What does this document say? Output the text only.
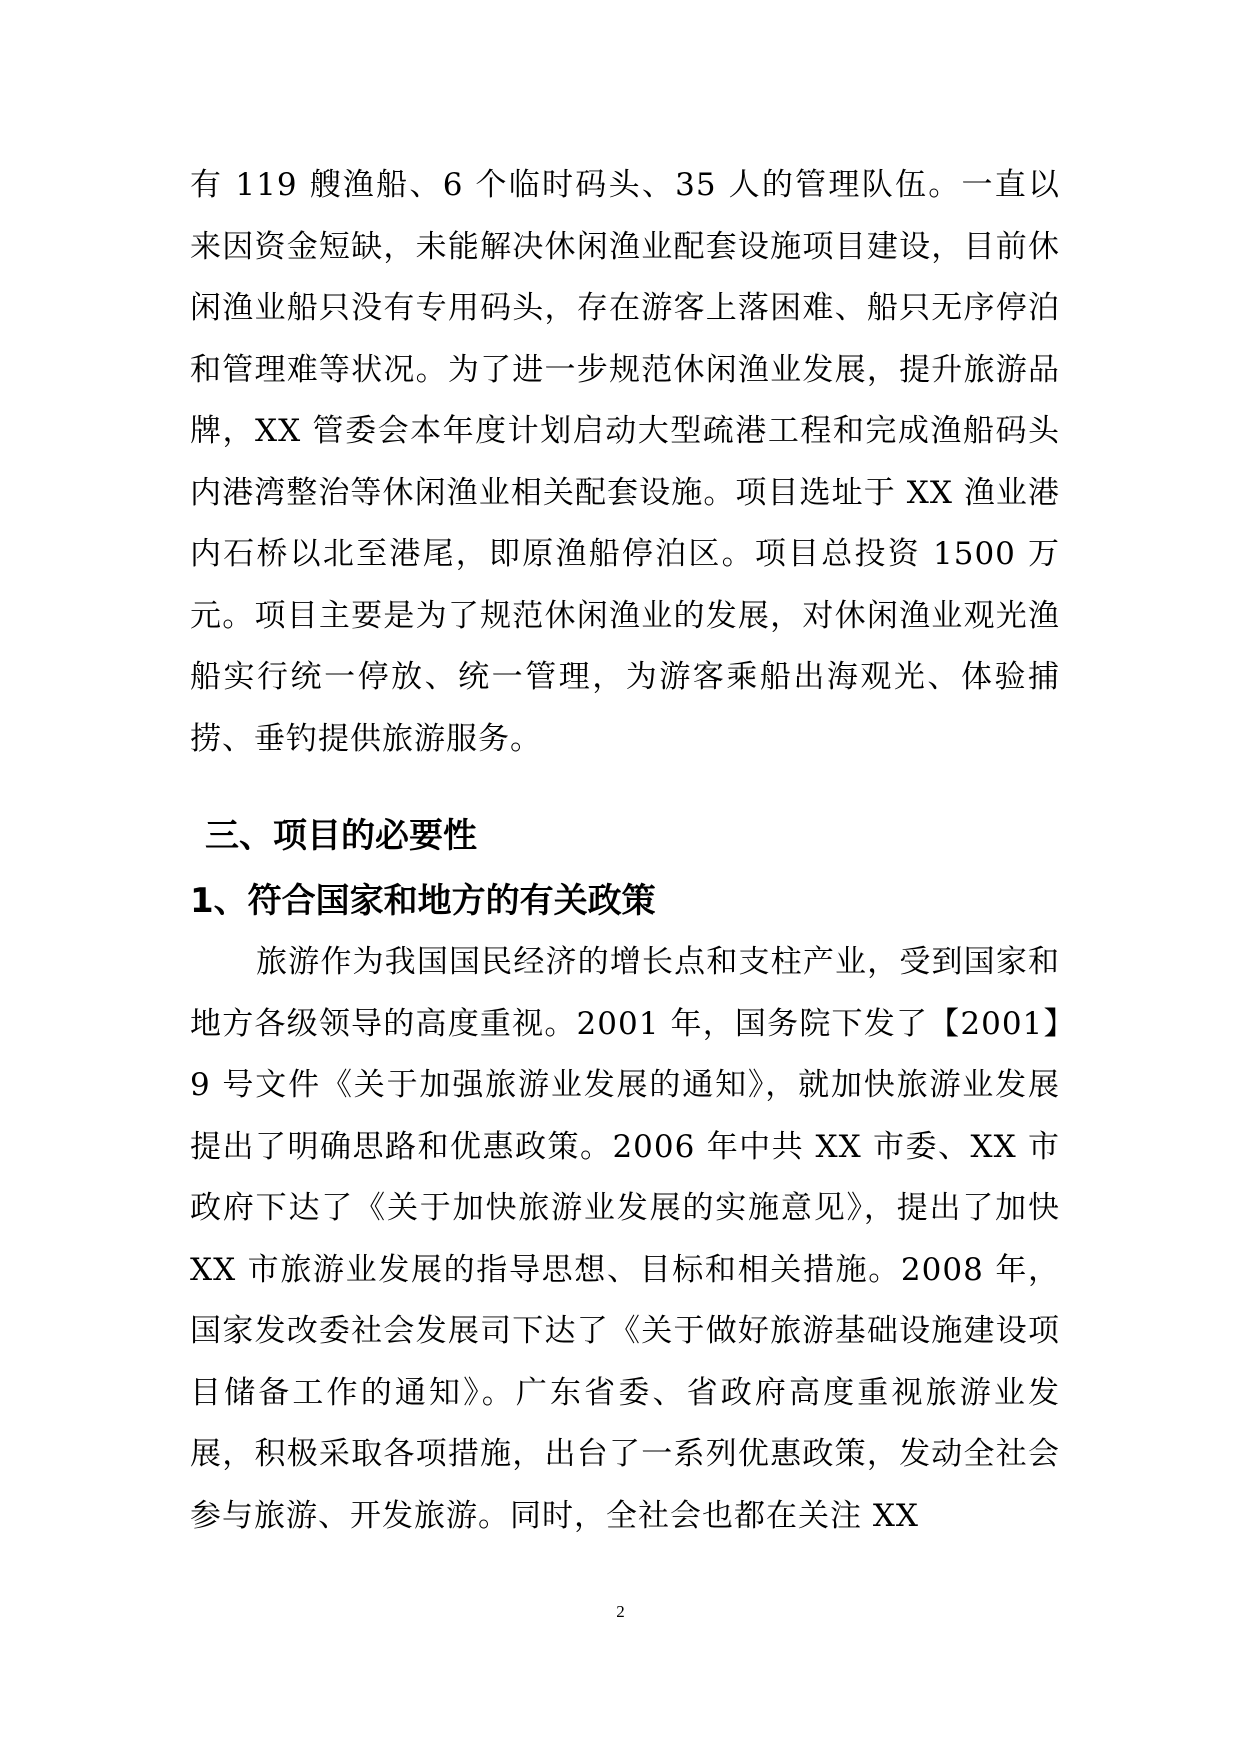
有 119 艘渔船、6 个临时码头、35 人的管理队伍。一直以来因资金短缺，未能解决休闲渔业配套设施项目建设，目前休闲渔业船只没有专用码头，存在游客上落困难、船只无序停泊和管理难等状况。为了进一步规范休闲渔业发展，提升旅游品牌，XX 管委会本年度计划启动大型疏港工程和完成渔船码头内港湾整治等休闲渔业相关配套设施。项目选址于 XX 渔业港内石桥以北至港尾，即原渔船停泊区。项目总投资 1500 万元。项目主要是为了规范休闲渔业的发展，对休闲渔业观光渔船实行统一停放、统一管理，为游客乘船出海观光、体验捕捞、垂钓提供旅游服务。

三、项目的必要性
1、符合国家和地方的有关政策

旅游作为我国国民经济的增长点和支柱产业，受到国家和地方各级领导的高度重视。2001 年，国务院下发了【2001】9 号文件《关于加强旅游业发展的通知》，就加快旅游业发展提出了明确思路和优惠政策。2006 年中共 XX 市委、XX 市政府下达了《关于加快旅游业发展的实施意见》，提出了加快 XX 市旅游业发展的指导思想、目标和相关措施。2008 年，国家发改委社会发展司下达了《关于做好旅游基础设施建设项目储备工作的通知》。广东省委、省政府高度重视旅游业发展，积极采取各项措施，出台了一系列优惠政策，发动全社会参与旅游、开发旅游。同时，全社会也都在关注 XX

2
